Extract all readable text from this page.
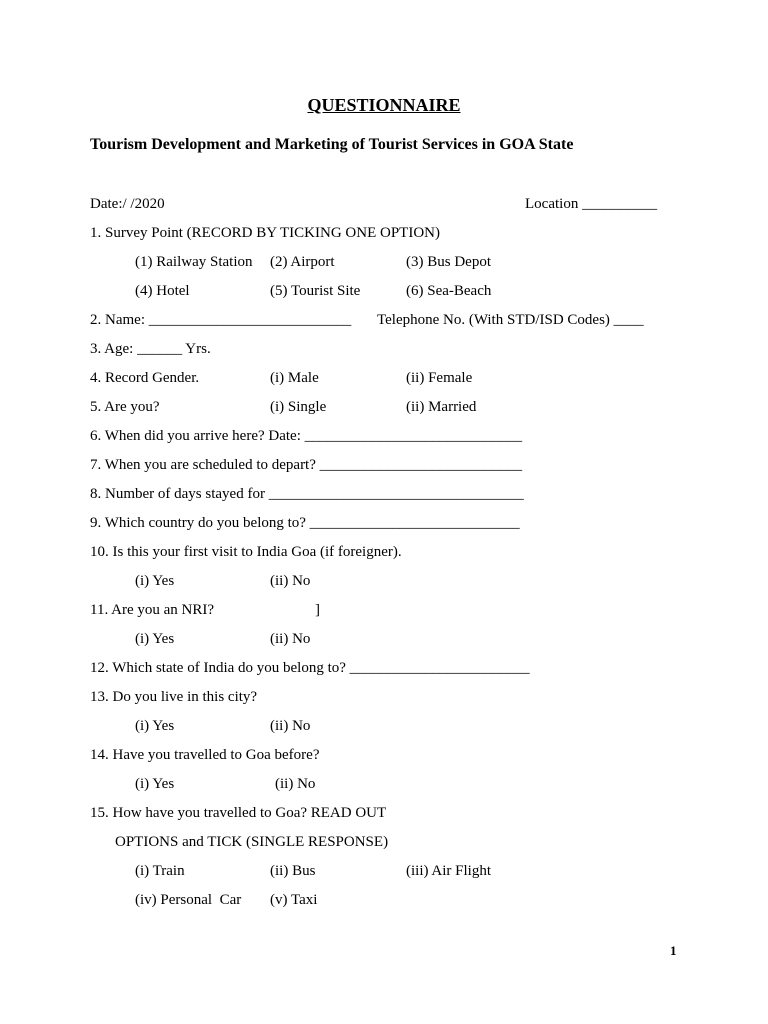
QUESTIONNAIRE
Tourism Development and Marketing of Tourist Services in GOA State
Date:/ /2020	Location __________
1. Survey Point (RECORD BY TICKING ONE OPTION)
(1) Railway Station (2) Airport	(3) Bus Depot
(4) Hotel	(5) Tourist Site	(6) Sea-Beach
2. Name: ___________________________ Telephone No. (With STD/ISD Codes) ____
3. Age: ______ Yrs.
4. Record Gender.	(i) Male	(ii) Female
5. Are you?	(i) Single	(ii) Married
6. When did you arrive here? Date: _____________________________
7. When you are scheduled to depart? ___________________________
8. Number of days stayed for __________________________________
9. Which country do you belong to? ____________________________
10. Is this your first visit to India Goa (if foreigner).
(i) Yes	(ii) No
11. Are you an NRI?	]
(i) Yes	(ii) No
12. Which state of India do you belong to? ________________________
13. Do you live in this city?
(i) Yes	(ii) No
14. Have you travelled to Goa before?
(i) Yes	(ii) No
15. How have you travelled to Goa? READ OUT
OPTIONS and TICK (SINGLE RESPONSE)
(i) Train	(ii) Bus	(iii) Air Flight
(iv) Personal  Car (v) Taxi
1
